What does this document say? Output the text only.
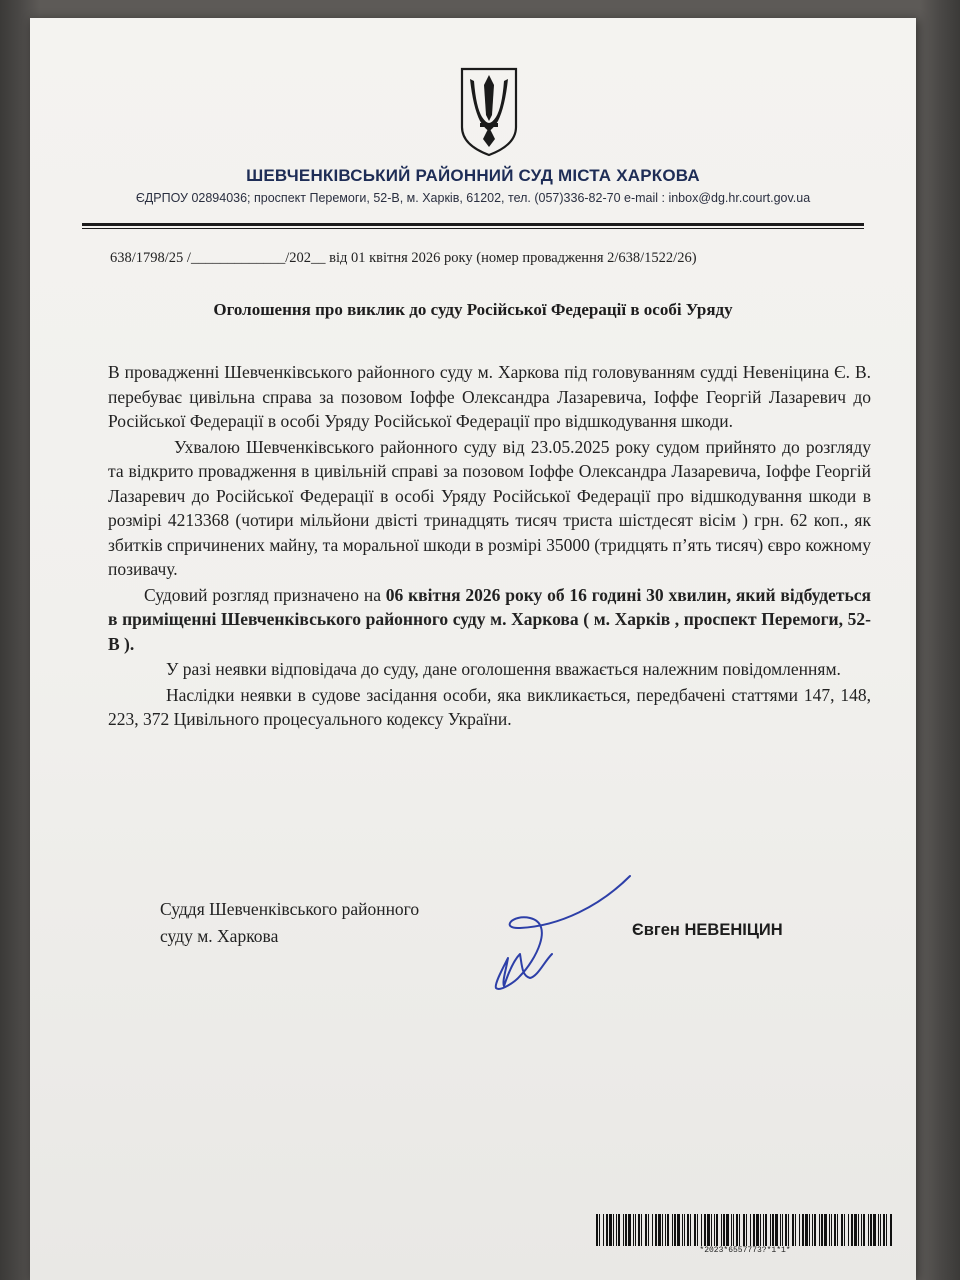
ШЕВЧЕНКІВСЬКИЙ РАЙОННИЙ СУД МІСТА ХАРКОВА
ЄДРПОУ 02894036; проспект Перемоги, 52-В, м. Харків, 61202, тел. (057)336-82-70 e-mail : inbox@dg.hr.court.gov.ua
638/1798/25 /_____________/202__ від 01 квітня 2026 року (номер провадження 2/638/1522/26)
Оголошення про виклик до суду Російської Федерації в особі Уряду

В провадженні Шевченківського районного суду м. Харкова під головуванням судді Невеніцина Є. В. перебуває цивільна справа за позовом Іоффе Олександра Лазаревича, Іоффе Георгій Лазаревич до Російської Федерації в особі Уряду Російської Федерації про відшкодування шкоди.

Ухвалою Шевченківського районного суду від 23.05.2025 року судом прийнято до розгляду та відкрито провадження в цивільній справі за позовом Іоффе Олександра Лазаревича, Іоффе Георгій Лазаревич до Російської Федерації в особі Уряду Російської Федерації про відшкодування шкоди в розмірі 4213368 (чотири мільйони двісті тринадцять тисяч триста шістдесят вісім ) грн. 62 коп., як збитків спричинених майну, та моральної шкоди в розмірі 35000 (тридцять п’ять тисяч) євро кожному позивачу.

Судовий розгляд призначено на 06 квітня 2026 року об 16 годині 30 хвилин, який відбудеться в приміщенні Шевченківського районного суду м. Харкова ( м. Харків , проспект Перемоги, 52-В ).

У разі неявки відповідача до суду, дане оголошення вважається належним повідомленням.

Наслідки неявки в судове засідання особи, яка викликається, передбачені статтями 147, 148, 223, 372 Цивільного процесуального кодексу України.

Суддя Шевченківського районного
суду м. Харкова	Євген НЕВЕНІЦИН
*2023*6557773?*1*1*
